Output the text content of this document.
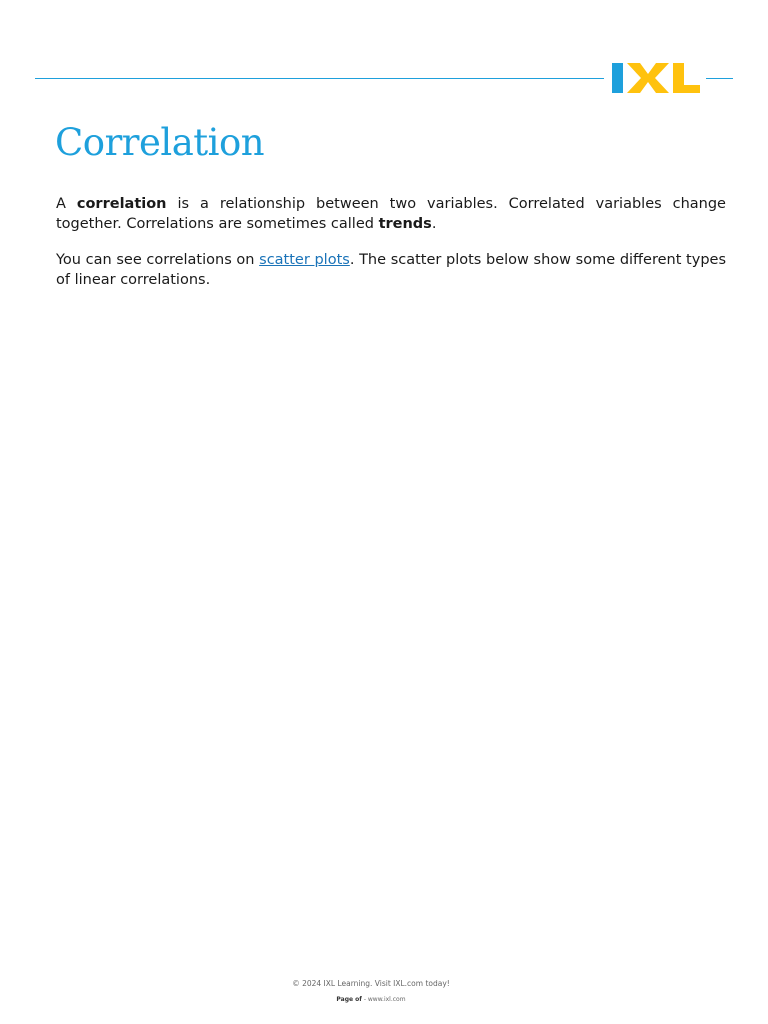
Correlation

A correlation is a relationship between two variables. Correlated variables change together. Correlations are sometimes called trends.

You can see correlations on scatter plots. The scatter plots below show some different types of linear correlations.

© 2024 IXL Learning. Visit IXL.com today!
Page of - www.ixl.com
